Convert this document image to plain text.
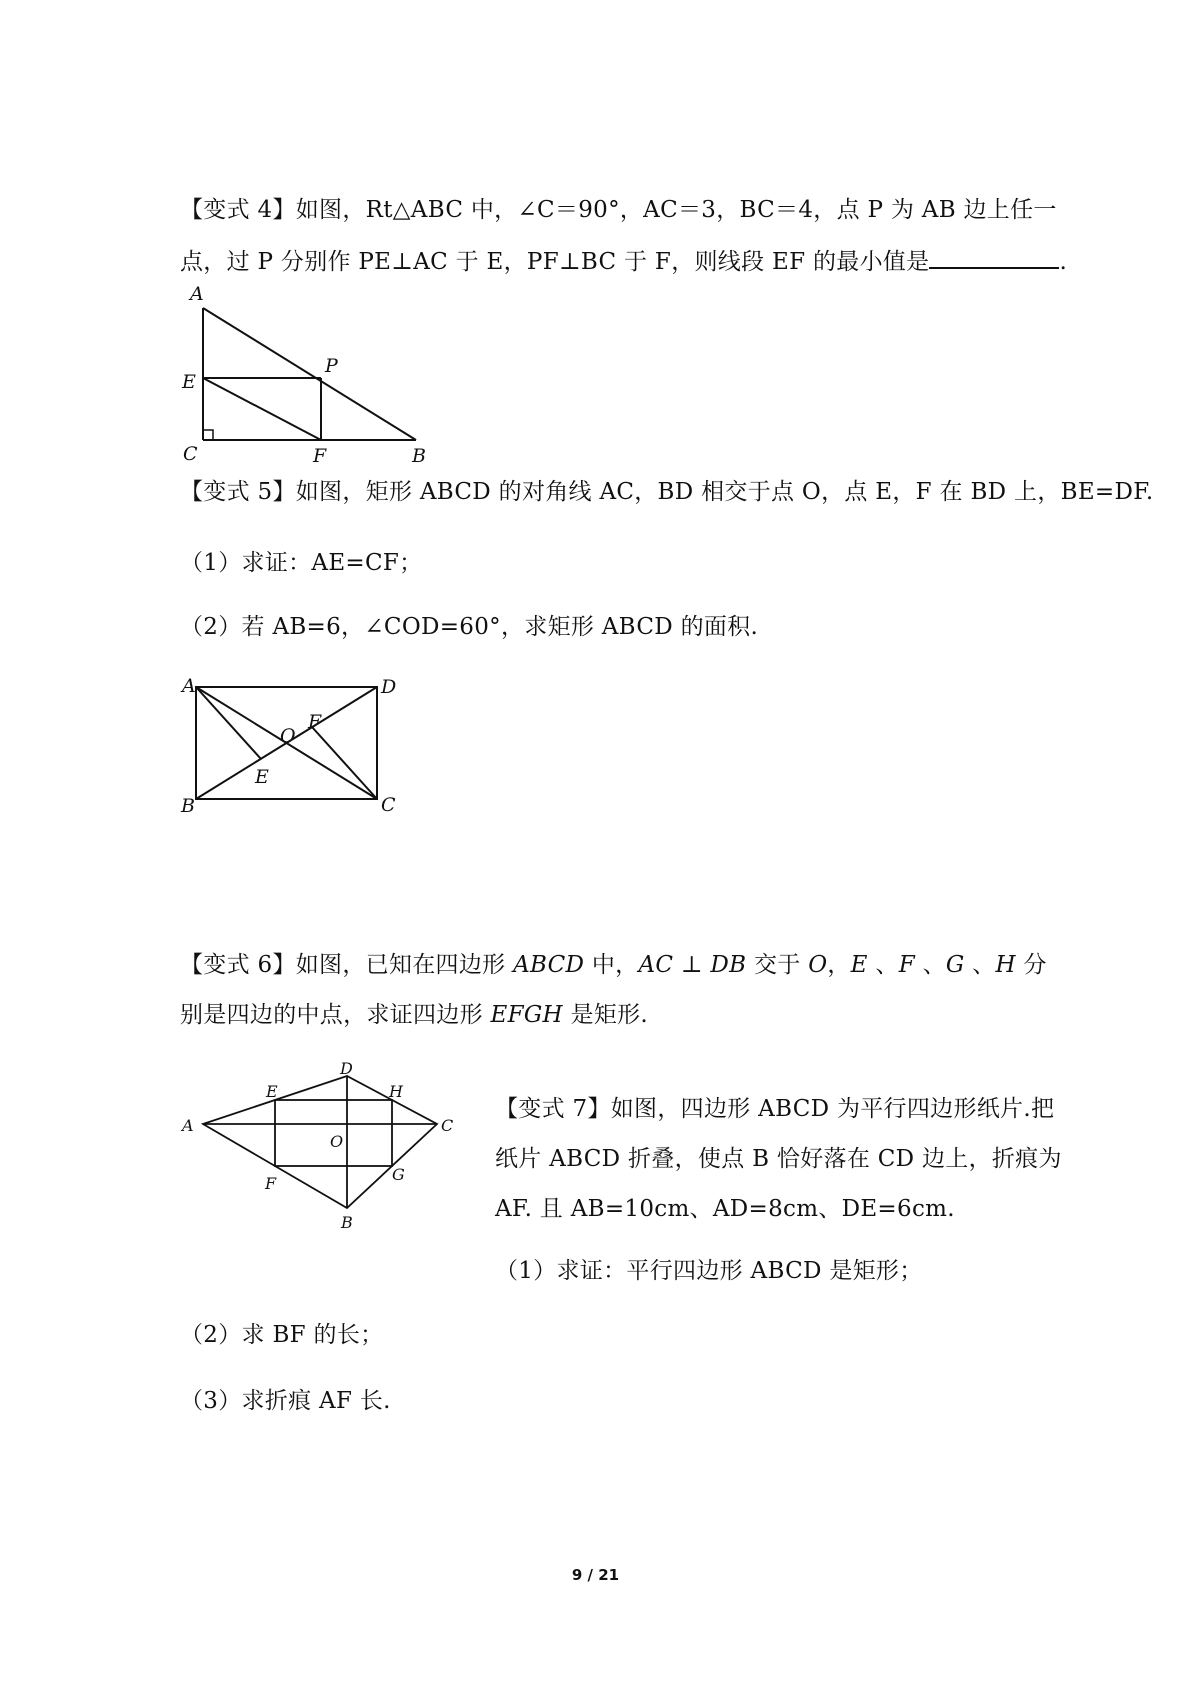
【变式 4】如图，Rt△ABC 中，∠C＝90°，AC＝3，BC＝4，点 P 为 AB 边上任一
点，过 P 分别作 PE⊥AC 于 E，PF⊥BC 于 F，则线段 EF 的最小值是	.
A
E
C
P
F	B
【变式 5】如图，矩形 ABCD 的对角线 AC，BD 相交于点 O，点 E，F 在 BD 上，BE=DF.
（1）求证：AE=CF；
（2）若 AB=6，∠COD=60°，求矩形 ABCD 的面积.
A	D
O
F
E
B	C
【变式 6】如图，已知在四边形 ABCD 中，AC ⊥ DB 交于 O，E 、F 、G 、H 分
别是四边的中点，求证四边形 EFGH 是矩形.
D
E	H
A	C
O
F	G
B
【变式 7】如图，四边形 ABCD 为平行四边形纸片.把
纸片 ABCD 折叠，使点 B 恰好落在 CD 边上，折痕为
AF. 且 AB=10cm、AD=8cm、DE=6cm.
（1）求证：平行四边形 ABCD 是矩形；
（2）求 BF 的长；
（3）求折痕 AF 长.
9 / 21
